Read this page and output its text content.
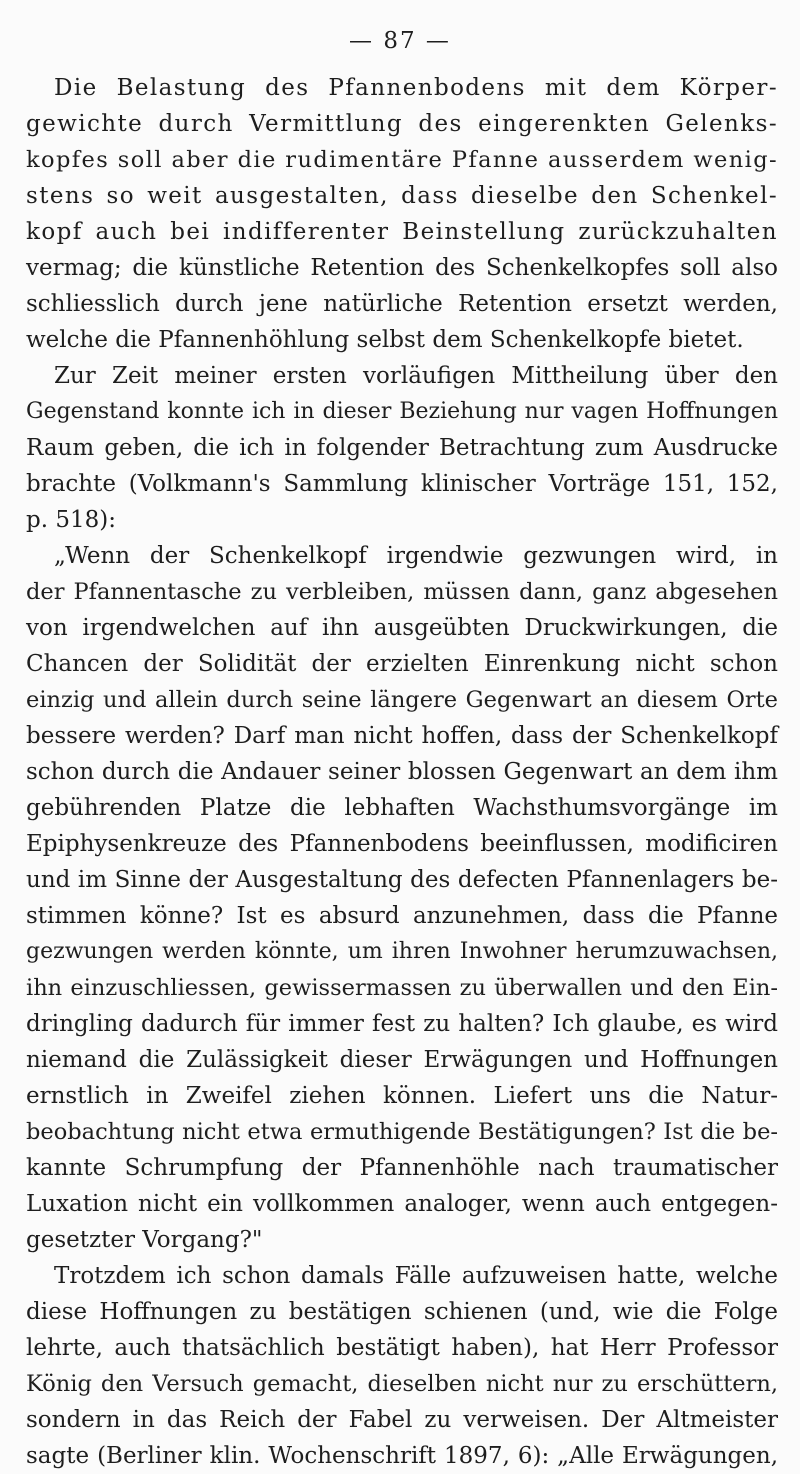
— 87 —
Die Belastung des Pfannenbodens mit dem Körper-
gewichte durch Vermittlung des eingerenkten Gelenks-
kopfes soll aber die rudimentäre Pfanne ausserdem wenig-
stens so weit ausgestalten, dass dieselbe den Schenkel-
kopf auch bei indifferenter Beinstellung zurückzuhalten
vermag; die künstliche Retention des Schenkelkopfes soll also
schliesslich durch jene natürliche Retention ersetzt werden,
welche die Pfannenhöhlung selbst dem Schenkelkopfe bietet.
Zur Zeit meiner ersten vorläufigen Mittheilung über den
Gegenstand konnte ich in dieser Beziehung nur vagen Hoffnungen
Raum geben, die ich in folgender Betrachtung zum Ausdrucke
brachte (Volkmann's Sammlung klinischer Vorträge 151, 152,
p. 518):
„Wenn der Schenkelkopf irgendwie gezwungen wird, in
der Pfannentasche zu verbleiben, müssen dann, ganz abgesehen
von irgendwelchen auf ihn ausgeübten Druckwirkungen, die
Chancen der Solidität der erzielten Einrenkung nicht schon
einzig und allein durch seine längere Gegenwart an diesem Orte
bessere werden? Darf man nicht hoffen, dass der Schenkelkopf
schon durch die Andauer seiner blossen Gegenwart an dem ihm
gebührenden Platze die lebhaften Wachsthumsvorgänge im
Epiphysenkreuze des Pfannenbodens beeinflussen, modificiren
und im Sinne der Ausgestaltung des defecten Pfannenlagers be-
stimmen könne? Ist es absurd anzunehmen, dass die Pfanne
gezwungen werden könnte, um ihren Inwohner herumzuwachsen,
ihn einzuschliessen, gewissermassen zu überwallen und den Ein-
dringling dadurch für immer fest zu halten? Ich glaube, es wird
niemand die Zulässigkeit dieser Erwägungen und Hoffnungen
ernstlich in Zweifel ziehen können. Liefert uns die Natur-
beobachtung nicht etwa ermuthigende Bestätigungen? Ist die be-
kannte Schrumpfung der Pfannenhöhle nach traumatischer
Luxation nicht ein vollkommen analoger, wenn auch entgegen-
gesetzter Vorgang?"
Trotzdem ich schon damals Fälle aufzuweisen hatte, welche
diese Hoffnungen zu bestätigen schienen (und, wie die Folge
lehrte, auch thatsächlich bestätigt haben), hat Herr Professor
König den Versuch gemacht, dieselben nicht nur zu erschüttern,
sondern in das Reich der Fabel zu verweisen. Der Altmeister
sagte (Berliner klin. Wochenschrift 1897, 6): „Alle Erwägungen,
